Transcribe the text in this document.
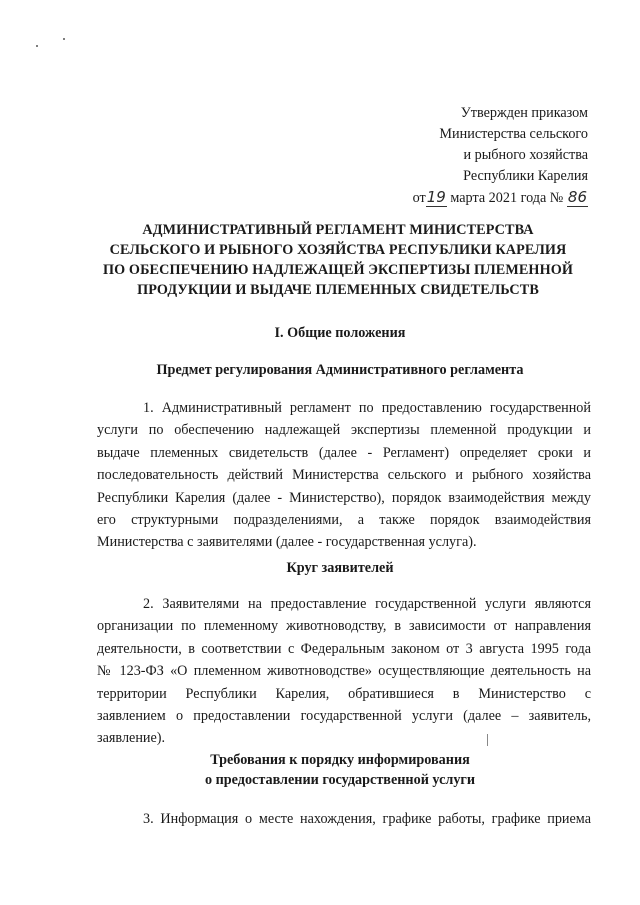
Утвержден приказом
Министерства сельского
и рыбного хозяйства
Республики Карелия
от19 марта 2021 года № 86
АДМИНИСТРАТИВНЫЙ РЕГЛАМЕНТ МИНИСТЕРСТВА
СЕЛЬСКОГО И РЫБНОГО ХОЗЯЙСТВА РЕСПУБЛИКИ КАРЕЛИЯ
ПО ОБЕСПЕЧЕНИЮ НАДЛЕЖАЩЕЙ ЭКСПЕРТИЗЫ ПЛЕМЕННОЙ
ПРОДУКЦИИ И ВЫДАЧЕ ПЛЕМЕННЫХ СВИДЕТЕЛЬСТВ
I. Общие положения
Предмет регулирования Административного регламента
1. Административный регламент по предоставлению государственной
услуги по обеспечению надлежащей экспертизы племенной продукции и
выдаче племенных свидетельств (далее - Регламент) определяет сроки и
последовательность действий Министерства сельского и рыбного хозяйства
Республики Карелия (далее - Министерство), порядок взаимодействия между
его структурными подразделениями, а также порядок взаимодействия
Министерства с заявителями (далее - государственная услуга).
Круг заявителей
2. Заявителями на предоставление государственной услуги являются
организации по племенному животноводству, в зависимости от направления
деятельности, в соответствии с Федеральным законом от 3 августа 1995 года
№ 123-ФЗ «О племенном животноводстве» осуществляющие деятельность на
территории Республики Карелия, обратившиеся в Министерство с
заявлением о предоставлении государственной услуги (далее – заявитель,
заявление).
Требования к порядку информирования
о предоставлении государственной услуги
3. Информация о месте нахождения, графике работы, графике приема
